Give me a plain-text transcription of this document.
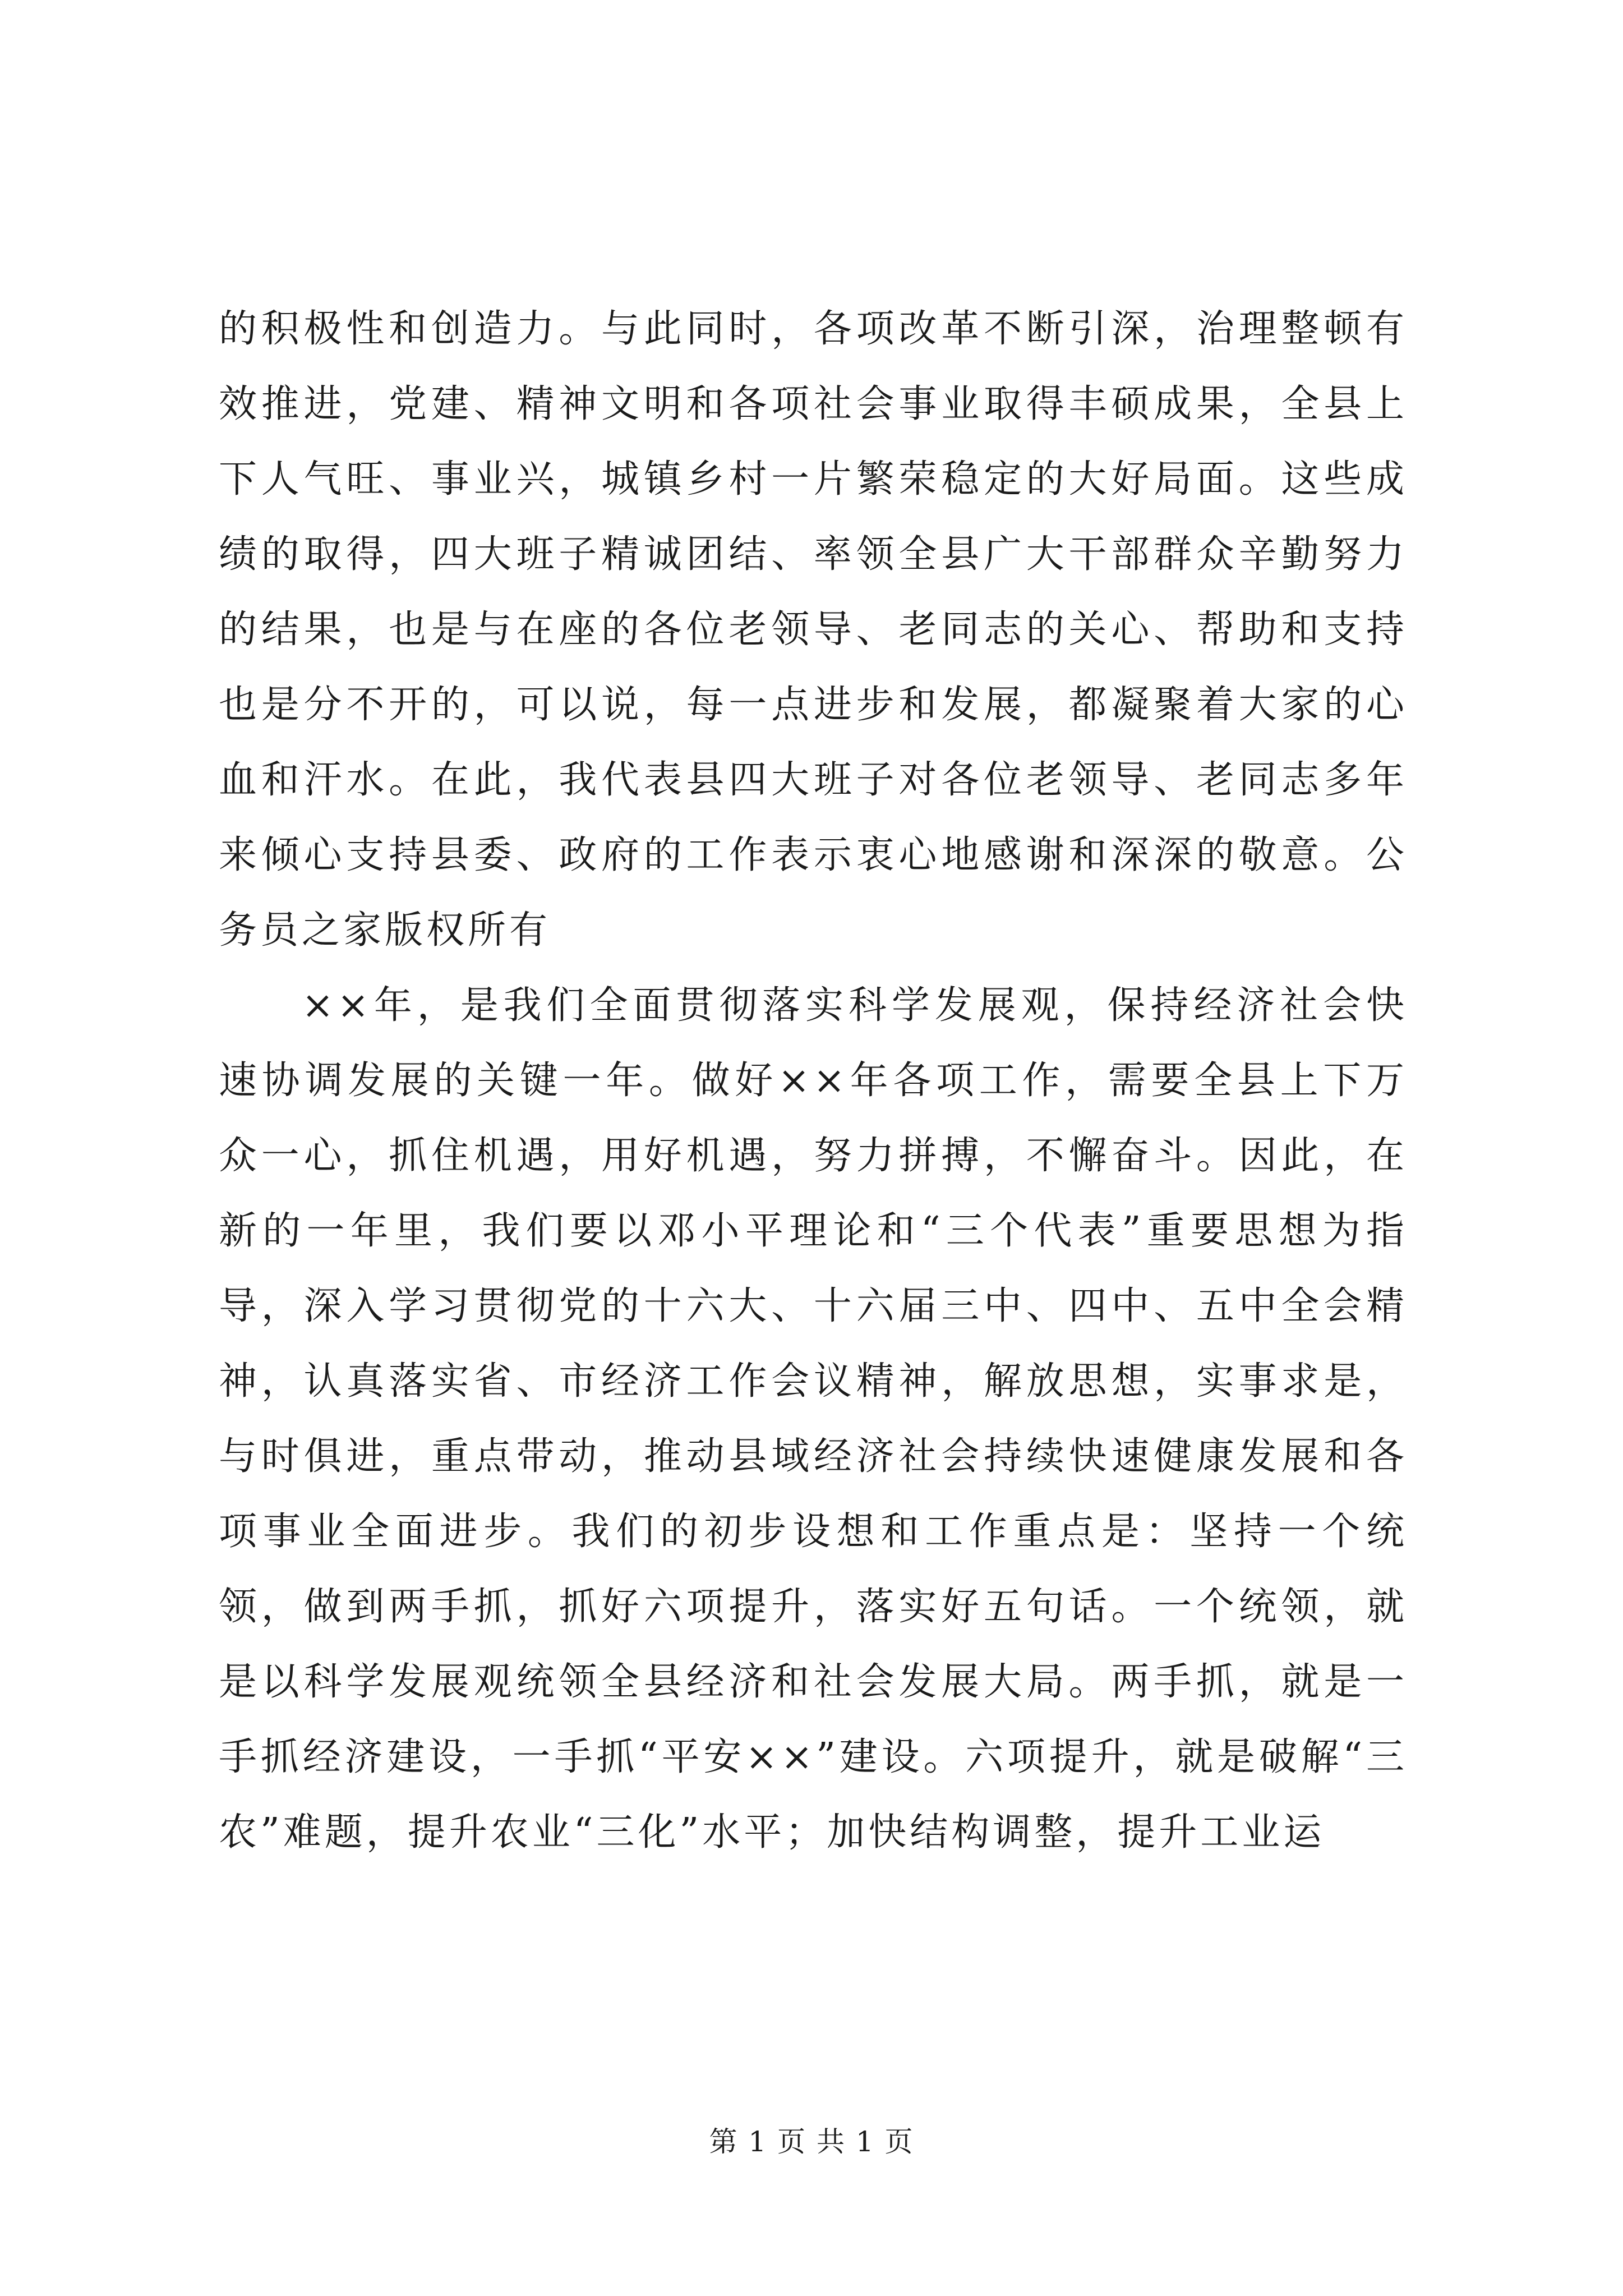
的积极性和创造力。与此同时，各项改革不断引深，治理整顿有效推进，党建、精神文明和各项社会事业取得丰硕成果，全县上下人气旺、事业兴，城镇乡村一片繁荣稳定的大好局面。这些成绩的取得，四大班子精诚团结、率领全县广大干部群众辛勤努力的结果，也是与在座的各位老领导、老同志的关心、帮助和支持也是分不开的，可以说，每一点进步和发展，都凝聚着大家的心血和汗水。在此，我代表县四大班子对各位老领导、老同志多年来倾心支持县委、政府的工作表示衷心地感谢和深深的敬意。公务员之家版权所有

××年，是我们全面贯彻落实科学发展观，保持经济社会快速协调发展的关键一年。做好××年各项工作，需要全县上下万众一心，抓住机遇，用好机遇，努力拼搏，不懈奋斗。因此，在新的一年里，我们要以邓小平理论和“三个代表”重要思想为指导，深入学习贯彻党的十六大、十六届三中、四中、五中全会精神，认真落实省、市经济工作会议精神，解放思想，实事求是，与时俱进，重点带动，推动县域经济社会持续快速健康发展和各项事业全面进步。我们的初步设想和工作重点是：坚持一个统领，做到两手抓，抓好六项提升，落实好五句话。一个统领，就是以科学发展观统领全县经济和社会发展大局。两手抓，就是一手抓经济建设，一手抓“平安××”建设。六项提升，就是破解“三农”难题，提升农业“三化”水平；加快结构调整，提升工业运

第 1 页 共 1 页
